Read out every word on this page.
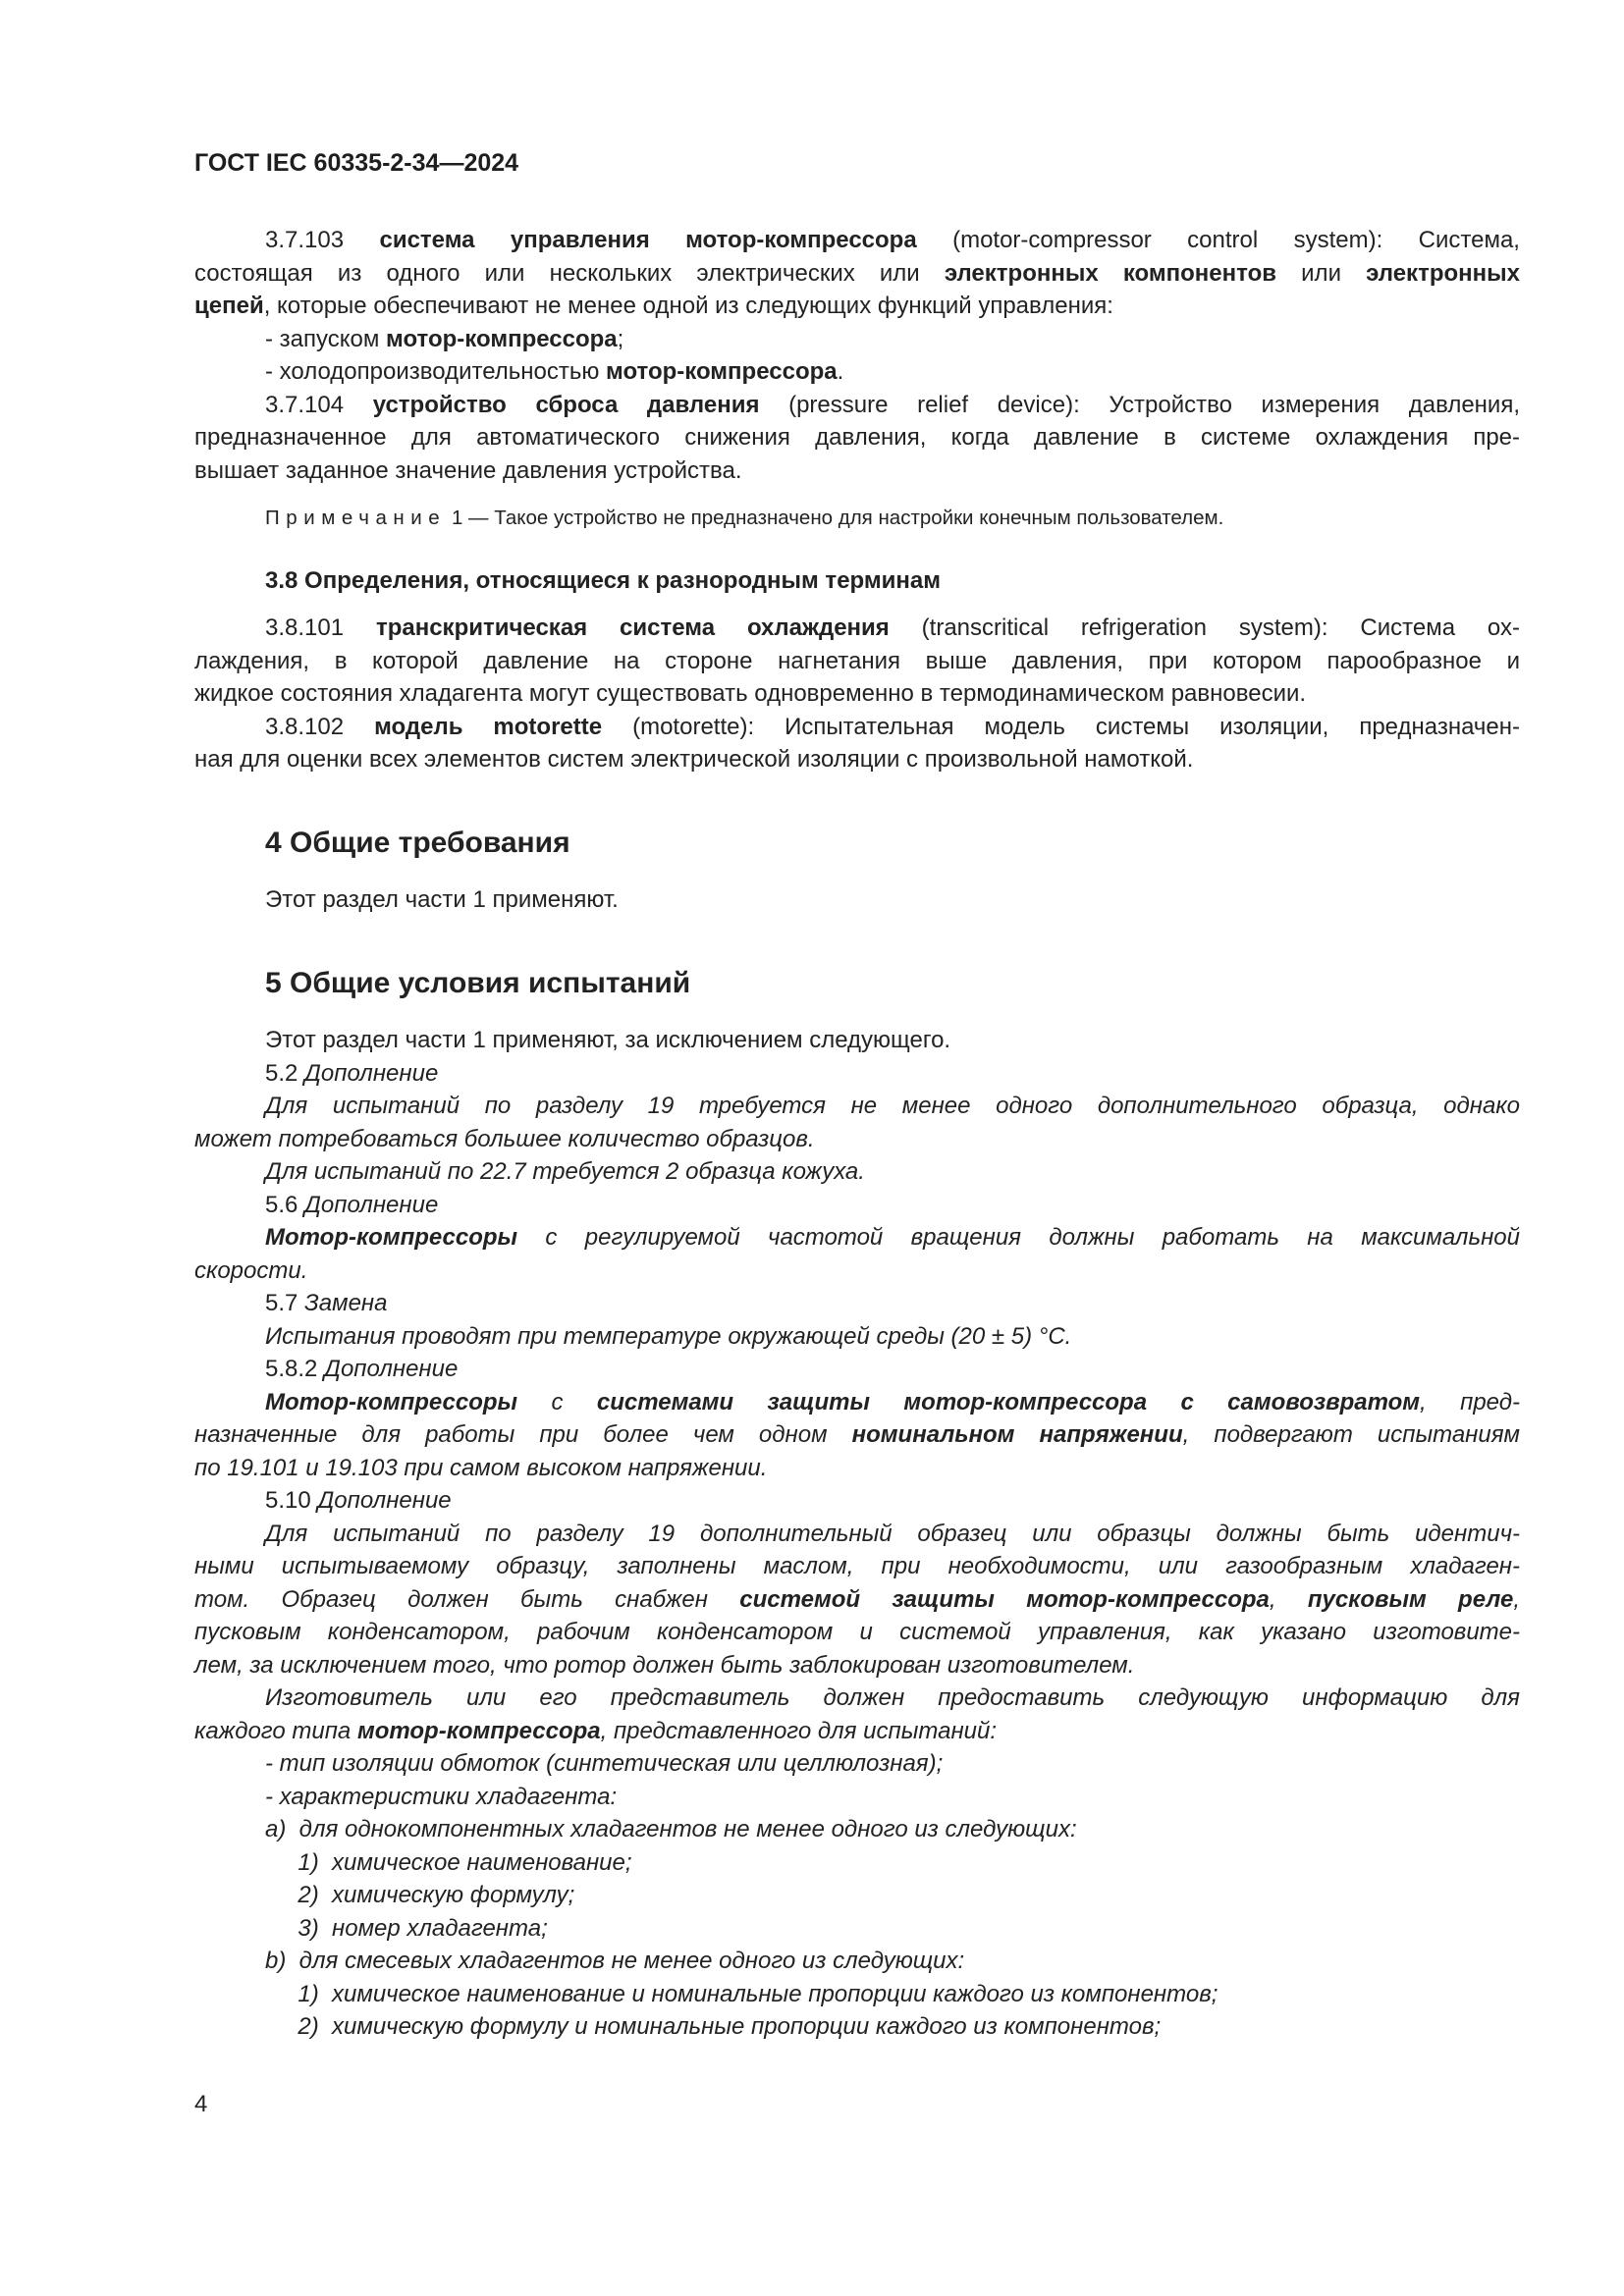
ГОСТ IEC 60335-2-34—2024
3.7.103 система управления мотор-компрессора (motor-compressor control system): Система,
состоящая из одного или нескольких электрических или электронных компонентов или электронных
цепей, которые обеспечивают не менее одной из следующих функций управления:
- запуском мотор-компрессора;
- холодопроизводительностью мотор-компрессора.
3.7.104 устройство сброса давления (pressure relief device): Устройство измерения давления,
предназначенное для автоматического снижения давления, когда давление в системе охлаждения пре-
вышает заданное значение давления устройства.
Примечание 1 — Такое устройство не предназначено для настройки конечным пользователем.
3.8 Определения, относящиеся к разнородным терминам
3.8.101 транскритическая система охлаждения (transcritical refrigeration system): Система ох-
лаждения, в которой давление на стороне нагнетания выше давления, при котором парообразное и
жидкое состояния хладагента могут существовать одновременно в термодинамическом равновесии.
3.8.102 модель motorette (motorette): Испытательная модель системы изоляции, предназначен-
ная для оценки всех элементов систем электрической изоляции с произвольной намоткой.
4 Общие требования
Этот раздел части 1 применяют.
5 Общие условия испытаний
Этот раздел части 1 применяют, за исключением следующего.
5.2 Дополнение
Для испытаний по разделу 19 требуется не менее одного дополнительного образца, однако
может потребоваться большее количество образцов.
Для испытаний по 22.7 требуется 2 образца кожуха.
5.6 Дополнение
Мотор-компрессоры с регулируемой частотой вращения должны работать на максимальной
скорости.
5.7 Замена
Испытания проводят при температуре окружающей среды (20 ± 5) °С.
5.8.2 Дополнение
Мотор-компрессоры с системами защиты мотор-компрессора с самовозвратом, пред-
назначенные для работы при более чем одном номинальном напряжении, подвергают испытаниям
по 19.101 и 19.103 при самом высоком напряжении.
5.10 Дополнение
Для испытаний по разделу 19 дополнительный образец или образцы должны быть идентич-
ными испытываемому образцу, заполнены маслом, при необходимости, или газообразным хладаген-
том. Образец должен быть снабжен системой защиты мотор-компрессора, пусковым реле,
пусковым конденсатором, рабочим конденсатором и системой управления, как указано изготовите-
лем, за исключением того, что ротор должен быть заблокирован изготовителем.
Изготовитель или его представитель должен предоставить следующую информацию для
каждого типа мотор-компрессора, представленного для испытаний:
- тип изоляции обмоток (синтетическая или целлюлозная);
- характеристики хладагента:
a)  для однокомпонентных хладагентов не менее одного из следующих:
1)  химическое наименование;
2)  химическую формулу;
3)  номер хладагента;
b)  для смесевых хладагентов не менее одного из следующих:
1)  химическое наименование и номинальные пропорции каждого из компонентов;
2)  химическую формулу и номинальные пропорции каждого из компонентов;
4
